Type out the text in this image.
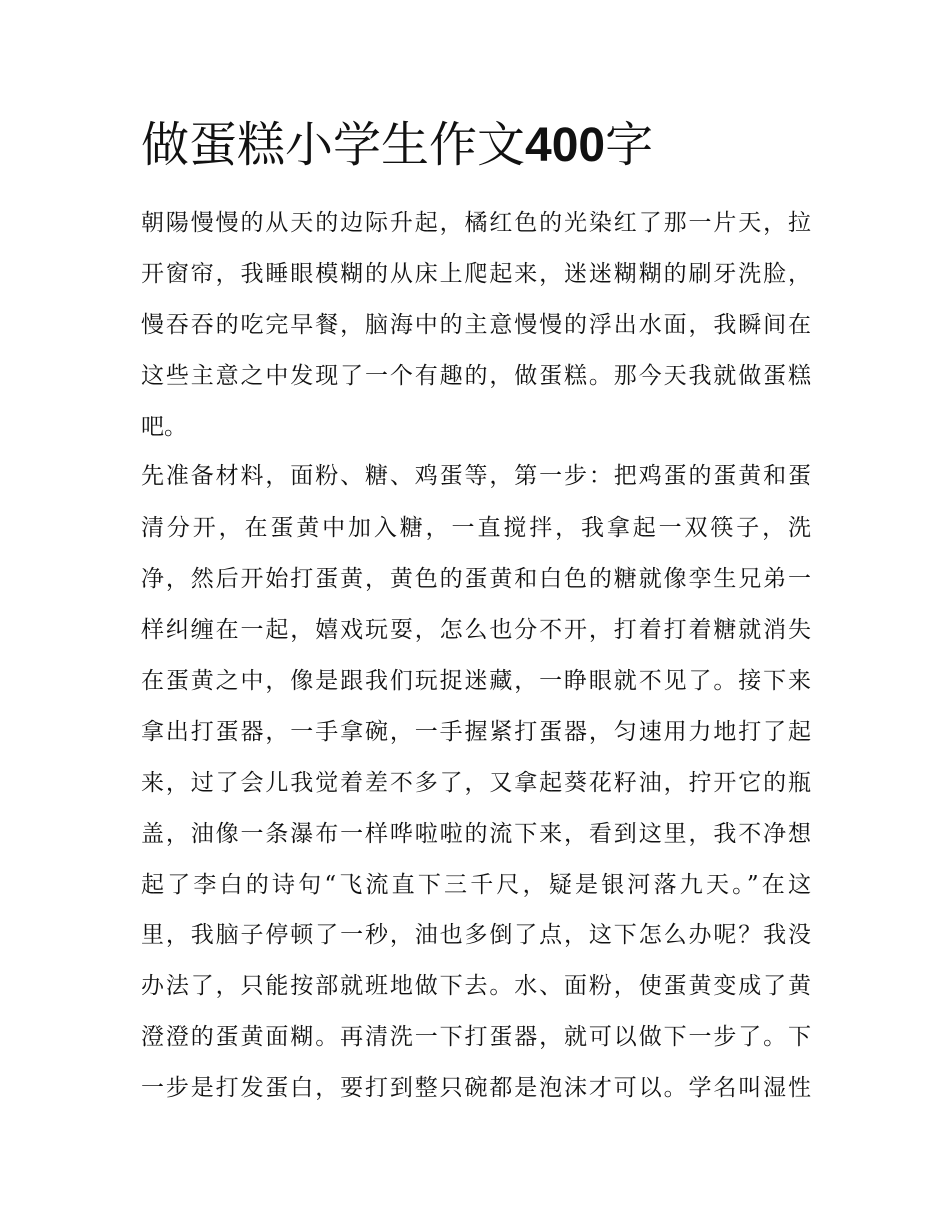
做蛋糕小学生作文400字

朝陽慢慢的从天的边际升起，橘红色的光染红了那一片天，拉

开窗帘，我睡眼模糊的从床上爬起来，迷迷糊糊的刷牙洗脸，

慢吞吞的吃完早餐，脑海中的主意慢慢的浮出水面，我瞬间在

这些主意之中发现了一个有趣的，做蛋糕。那今天我就做蛋糕

吧。

先准备材料，面粉、糖、鸡蛋等，第一步：把鸡蛋的蛋黄和蛋

清分开，在蛋黄中加入糖，一直搅拌，我拿起一双筷子，洗

净，然后开始打蛋黄，黄色的蛋黄和白色的糖就像孪生兄弟一

样纠缠在一起，嬉戏玩耍，怎么也分不开，打着打着糖就消失

在蛋黄之中，像是跟我们玩捉迷藏，一睁眼就不见了。接下来

拿出打蛋器，一手拿碗，一手握紧打蛋器，匀速用力地打了起

来，过了会儿我觉着差不多了，又拿起葵花籽油，拧开它的瓶

盖，油像一条瀑布一样哗啦啦的流下来，看到这里，我不净想

起了李白的诗句“飞流直下三千尺，疑是银河落九天。”在这

里，我脑子停顿了一秒，油也多倒了点，这下怎么办呢？我没

办法了，只能按部就班地做下去。水、面粉，使蛋黄变成了黄

澄澄的蛋黄面糊。再清洗一下打蛋器，就可以做下一步了。下

一步是打发蛋白，要打到整只碗都是泡沫才可以。学名叫湿性
